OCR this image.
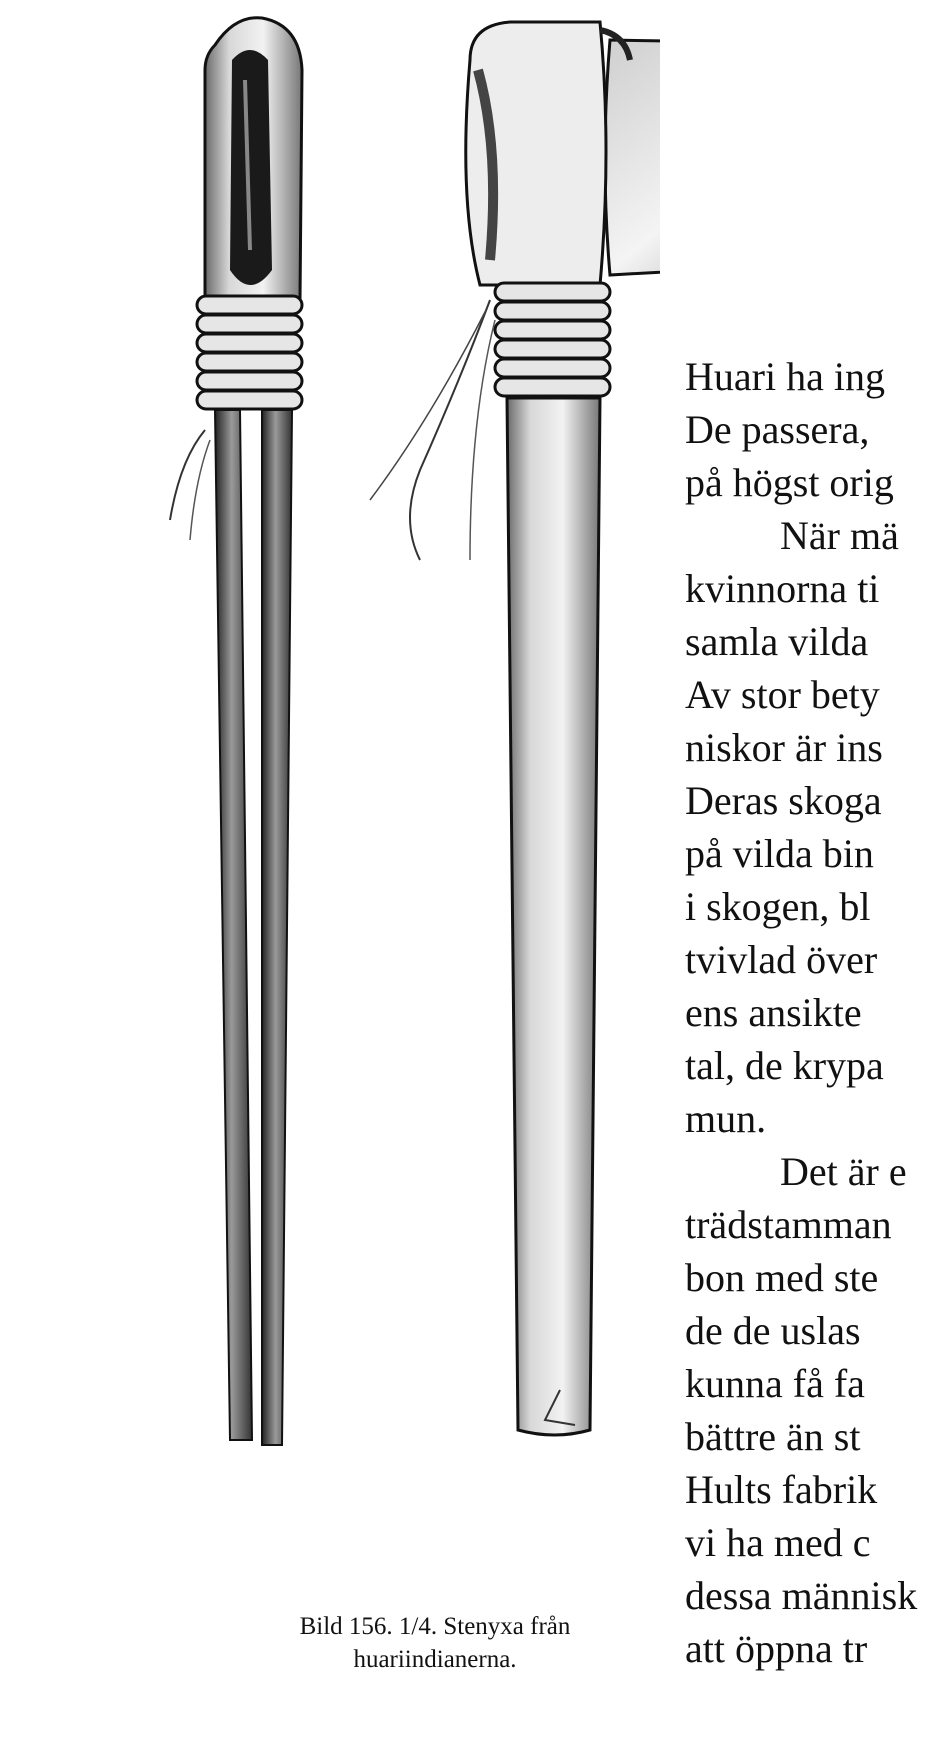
Huari ha ing
De passera,
på högst orig
När mä
kvinnorna ti
samla vilda
Av stor bety
niskor är ins
Deras skoga
på vilda bin
i skogen, bl
tvivlad över
ens ansikte
tal, de krypa
mun.
Det är e
trädstamman
bon med ste
de de uslas
kunna få fa
bättre än st
Hults fabrik
vi ha med c
dessa människ
att öppna tr
Bild 156. 1/4. Stenyxa från
huariindianerna.
